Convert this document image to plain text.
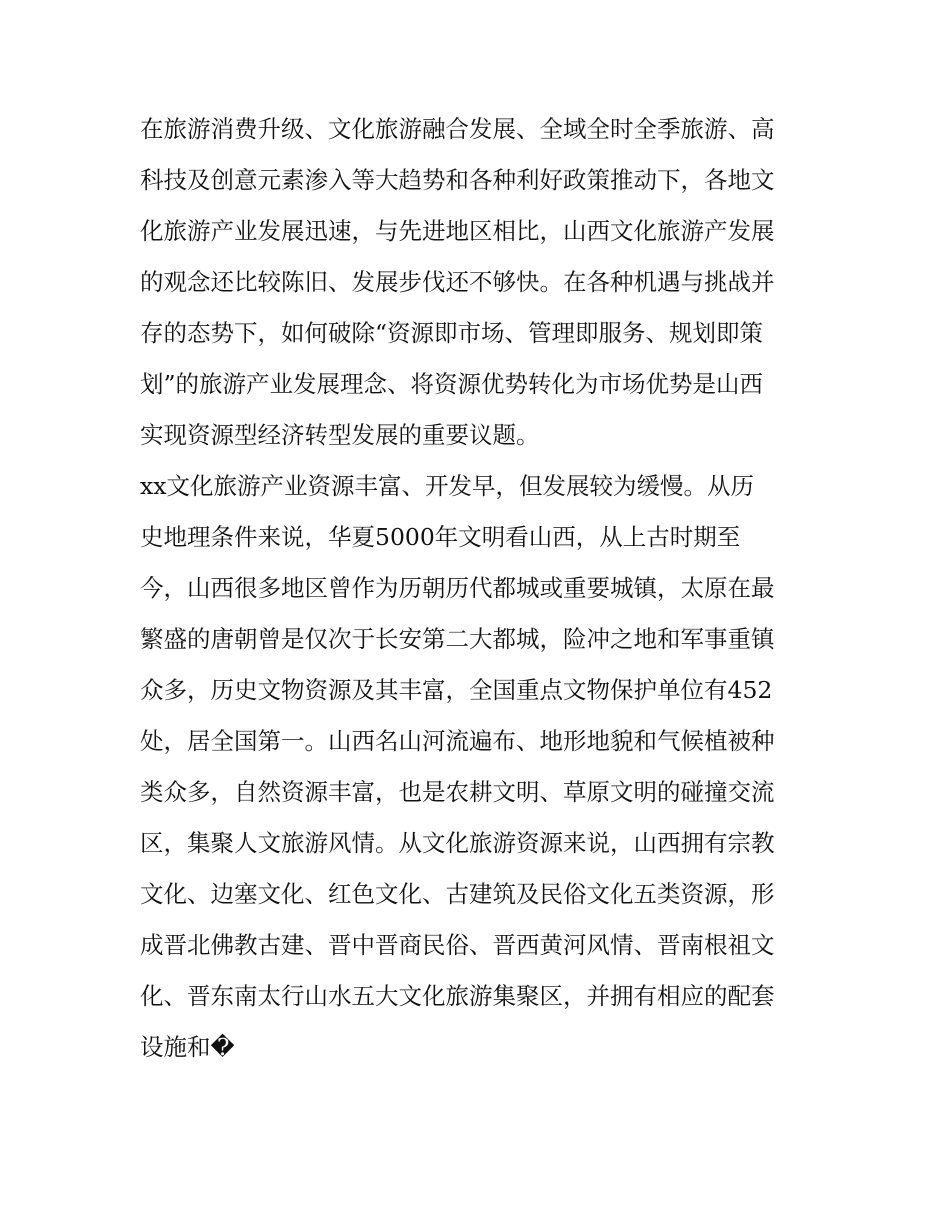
在旅游消费升级、文化旅游融合发展、全域全时全季旅游、高
科技及创意元素渗入等大趋势和各种利好政策推动下，各地文
化旅游产业发展迅速，与先进地区相比，山西文化旅游产发展
的观念还比较陈旧、发展步伐还不够快。在各种机遇与挑战并
存的态势下，如何破除“资源即市场、管理即服务、规划即策
划”的旅游产业发展理念、将资源优势转化为市场优势是山西
实现资源型经济转型发展的重要议题。
xx文化旅游产业资源丰富、开发早，但发展较为缓慢。从历
史地理条件来说，华夏5000年文明看山西，从上古时期至
今，山西很多地区曾作为历朝历代都城或重要城镇，太原在最
繁盛的唐朝曾是仅次于长安第二大都城，险冲之地和军事重镇
众多，历史文物资源及其丰富，全国重点文物保护单位有452
处，居全国第一。山西名山河流遍布、地形地貌和气候植被种
类众多，自然资源丰富，也是农耕文明、草原文明的碰撞交流
区，集聚人文旅游风情。从文化旅游资源来说，山西拥有宗教
文化、边塞文化、红色文化、古建筑及民俗文化五类资源，形
成晋北佛教古建、晋中晋商民俗、晋西黄河风情、晋南根祖文
化、晋东南太行山水五大文化旅游集聚区，并拥有相应的配套
设施和�
